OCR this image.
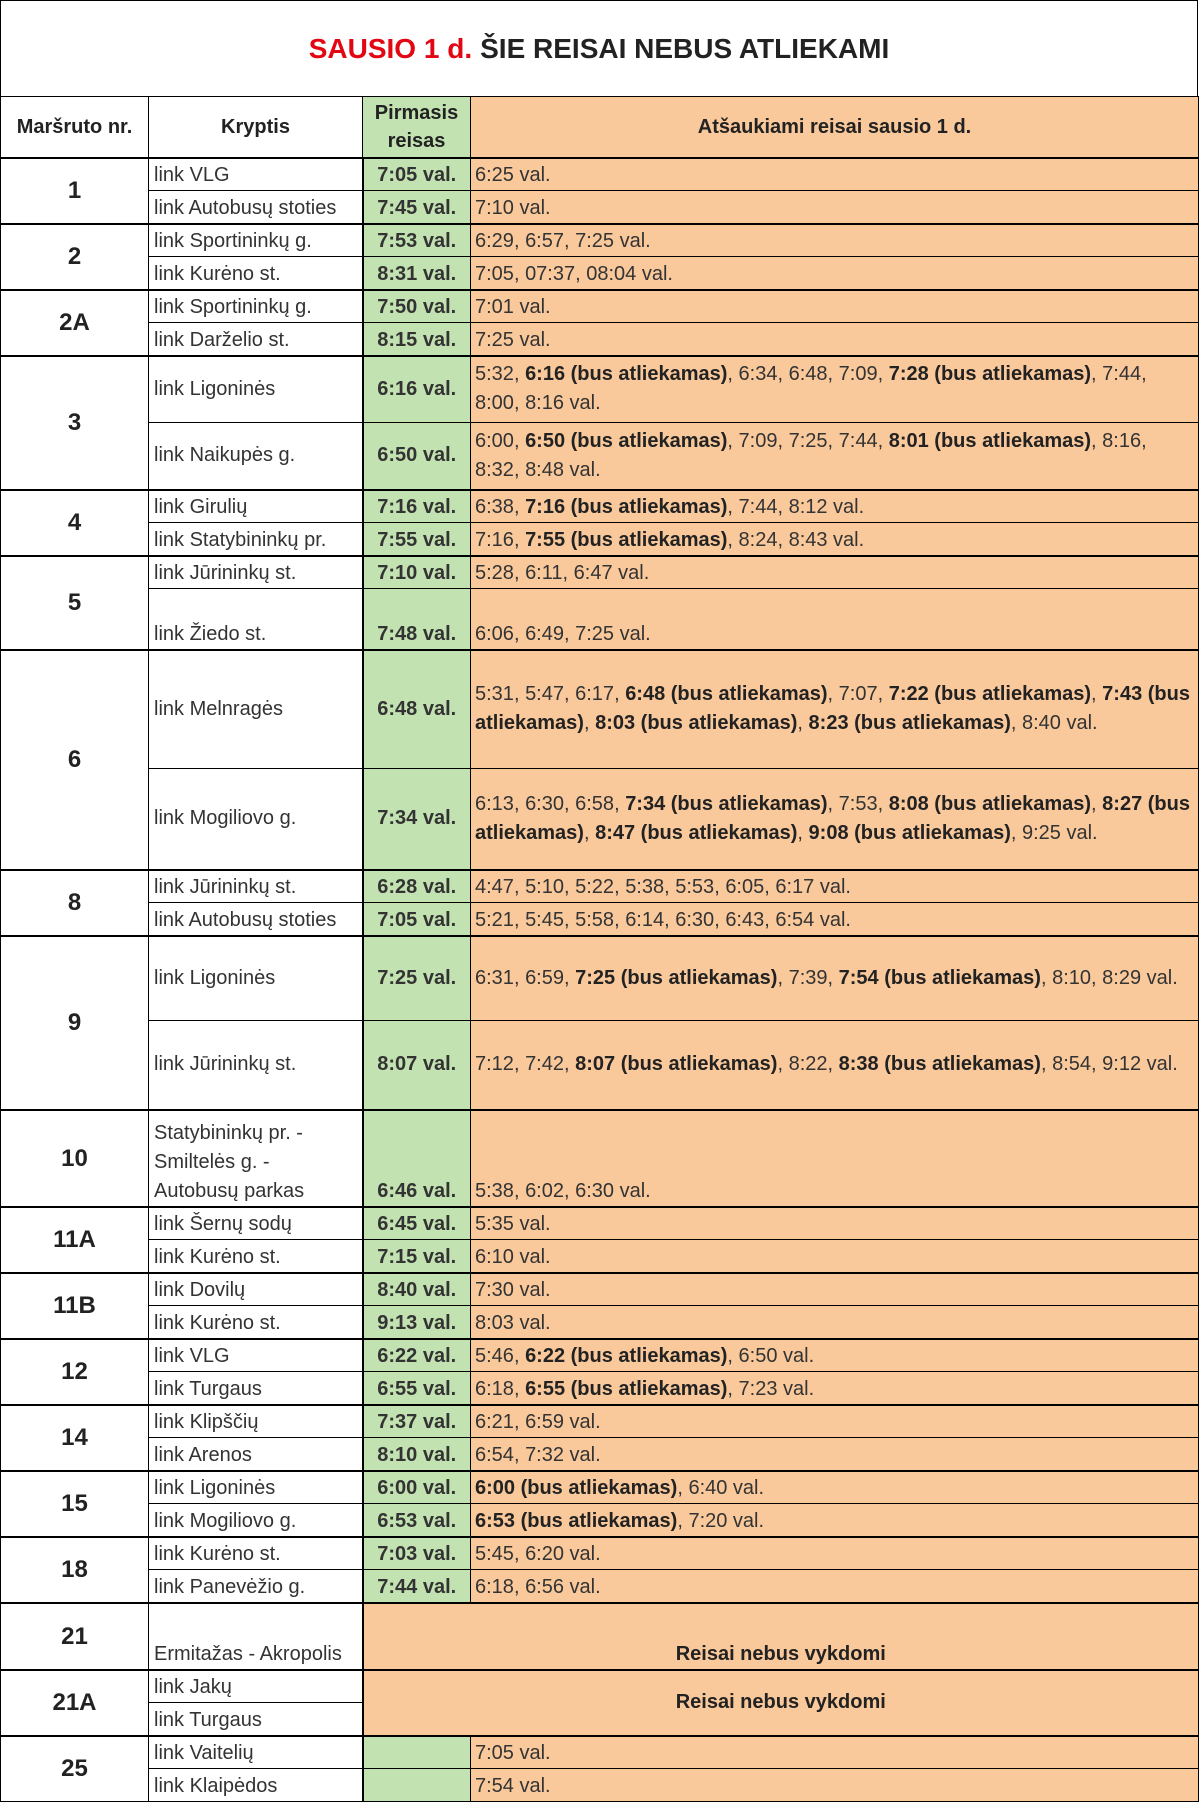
SAUSIO 1 d. ŠIE REISAI NEBUS ATLIEKAMI
Maršruto nr.	Kryptis	Pirmasis reisas	Atšaukiami reisai sausio 1 d.
1	link VLG	7:05 val.	6:25 val.
	link Autobusų stoties	7:45 val.	7:10 val.
2	link Sportininkų g.	7:53 val.	6:29, 6:57, 7:25 val.
	link Kurėno st.	8:31 val.	7:05, 07:37, 08:04 val.
2A	link Sportininkų g.	7:50 val.	7:01 val.
	link Darželio st.	8:15 val.	7:25 val.
3	link Ligoninės	6:16 val.	5:32, 6:16 (bus atliekamas), 6:34, 6:48, 7:09, 7:28 (bus atliekamas), 7:44, 8:00, 8:16 val.
	link Naikupės g.	6:50 val.	6:00, 6:50 (bus atliekamas), 7:09, 7:25, 7:44, 8:01 (bus atliekamas), 8:16, 8:32, 8:48 val.
4	link Girulių	7:16 val.	6:38, 7:16 (bus atliekamas), 7:44, 8:12 val.
	link Statybininkų pr.	7:55 val.	7:16, 7:55 (bus atliekamas), 8:24, 8:43 val.
5	link Jūrininkų st.	7:10 val.	5:28, 6:11, 6:47 val.
	link Žiedo st.	7:48 val.	6:06, 6:49, 7:25 val.
6	link Melnragės	6:48 val.	5:31, 5:47, 6:17, 6:48 (bus atliekamas), 7:07, 7:22 (bus atliekamas), 7:43 (bus atliekamas), 8:03 (bus atliekamas), 8:23 (bus atliekamas), 8:40 val.
	link Mogiliovo g.	7:34 val.	6:13, 6:30, 6:58, 7:34 (bus atliekamas), 7:53, 8:08 (bus atliekamas), 8:27 (bus atliekamas), 8:47 (bus atliekamas), 9:08 (bus atliekamas), 9:25 val.
8	link Jūrininkų st.	6:28 val.	4:47, 5:10, 5:22, 5:38, 5:53, 6:05, 6:17 val.
	link Autobusų stoties	7:05 val.	5:21, 5:45, 5:58, 6:14, 6:30, 6:43, 6:54 val.
9	link Ligoninės	7:25 val.	6:31, 6:59, 7:25 (bus atliekamas), 7:39, 7:54 (bus atliekamas), 8:10, 8:29 val.
	link Jūrininkų st.	8:07 val.	7:12, 7:42, 8:07 (bus atliekamas), 8:22, 8:38 (bus atliekamas), 8:54, 9:12 val.
10	Statybininkų pr. - Smiltelės g. - Autobusų parkas	6:46 val.	5:38, 6:02, 6:30 val.
11A	link Šernų sodų	6:45 val.	5:35 val.
	link Kurėno st.	7:15 val.	6:10 val.
11B	link Dovilų	8:40 val.	7:30 val.
	link Kurėno st.	9:13 val.	8:03 val.
12	link VLG	6:22 val.	5:46, 6:22 (bus atliekamas), 6:50 val.
	link Turgaus	6:55 val.	6:18, 6:55 (bus atliekamas), 7:23 val.
14	link Klipščių	7:37 val.	6:21, 6:59 val.
	link Arenos	8:10 val.	6:54, 7:32 val.
15	link Ligoninės	6:00 val.	6:00 (bus atliekamas), 6:40 val.
	link Mogiliovo g.	6:53 val.	6:53 (bus atliekamas), 7:20 val.
18	link Kurėno st.	7:03 val.	5:45, 6:20 val.
	link Panevėžio g.	7:44 val.	6:18, 6:56 val.
21	Ermitažas - Akropolis	Reisai nebus vykdomi	
21A	link Jakų	Reisai nebus vykdomi	
	link Turgaus		
25	link Vaitelių		7:05 val.
	link Klaipėdos		7:54 val.
